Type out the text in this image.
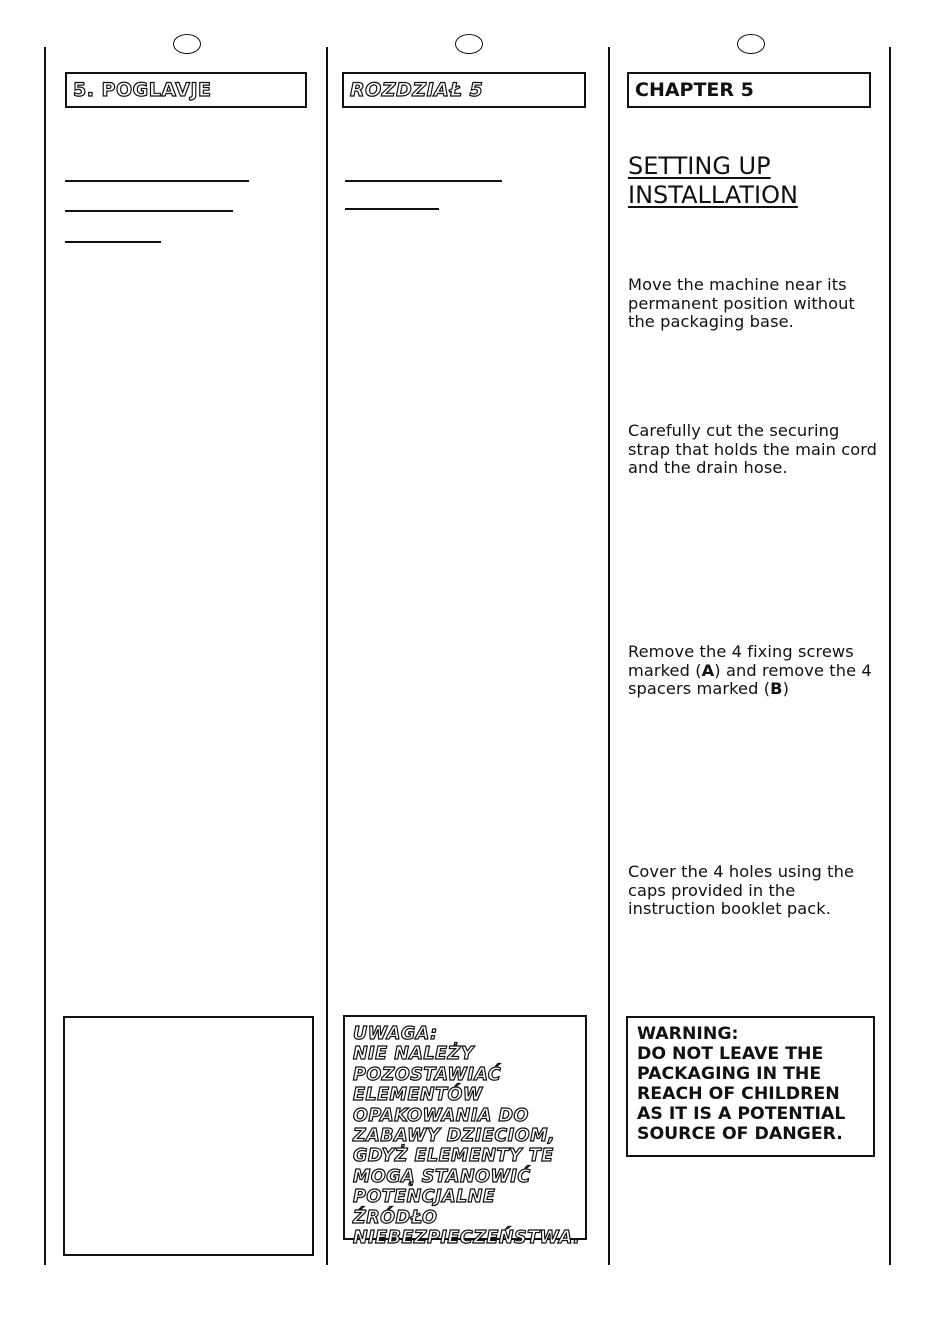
5. POGLAVJE	ROZDZIAŁ 5
UWAGA:
NIE NALEŻY
POZOSTAWIAĆ
ELEMENTÓW
OPAKOWANIA DO
ZABAWY DZIECIOM,
GDYŻ ELEMENTY TE
MOGĄ STANOWIĆ
POTENCJALNE ŹRÓDŁO
NIEBEZPIECZEŃSTWA.
CHAPTER 5
SETTING UP
INSTALLATION
Move the machine near its permanent position without the packaging base.
Carefully cut the securing strap that holds the main cord and the drain hose.
Remove the 4 fixing screws marked (A) and remove the 4 spacers marked (B)
Cover the 4 holes using the caps provided in the instruction booklet pack.
WARNING:
DO NOT LEAVE THE
PACKAGING IN THE
REACH OF CHILDREN
AS IT IS A POTENTIAL
SOURCE OF DANGER.
